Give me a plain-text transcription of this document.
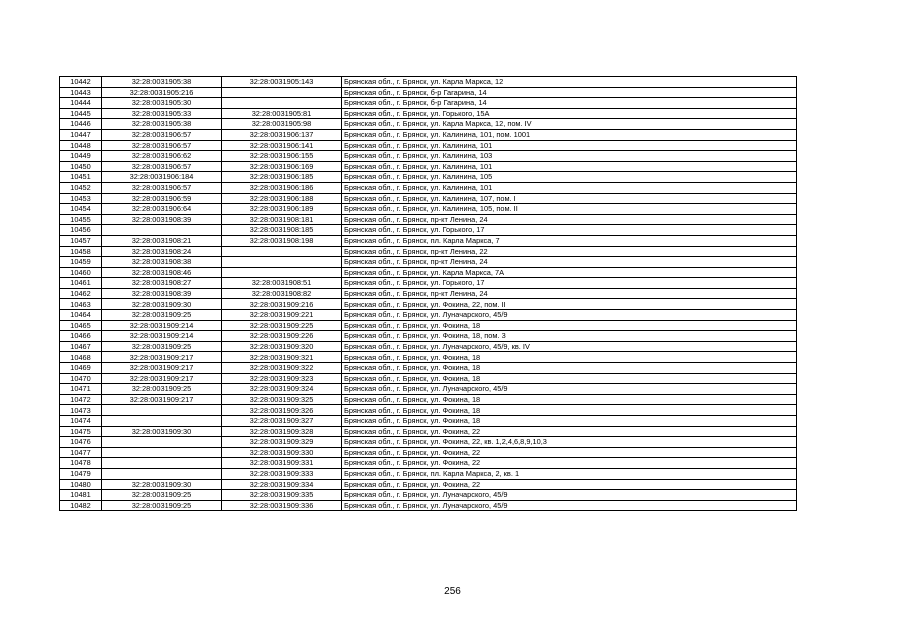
10442	32:28:0031905:38	32:28:0031905:143	Брянская обл., г. Брянск, ул. Карла Маркса, 12
10443	32:28:0031905:216		Брянская обл., г. Брянск, б-р Гагарина, 14
10444	32:28:0031905:30		Брянская обл., г. Брянск, б-р Гагарина, 14
10445	32:28:0031905:33	32:28:0031905:81	Брянская обл., г. Брянск, ул. Горького, 15А
10446	32:28:0031905:38	32:28:0031905:98	Брянская обл., г. Брянск, ул. Карла Маркса, 12, пом. IV
10447	32:28:0031906:57	32:28:0031906:137	Брянская обл., г. Брянск, ул. Калинина, 101, пом. 1001
10448	32:28:0031906:57	32:28:0031906:141	Брянская обл., г. Брянск, ул. Калинина, 101
10449	32:28:0031906:62	32:28:0031906:155	Брянская обл., г. Брянск, ул. Калинина, 103
10450	32:28:0031906:57	32:28:0031906:169	Брянская обл., г. Брянск, ул. Калинина, 101
10451	32:28:0031906:184	32:28:0031906:185	Брянская обл., г. Брянск, ул. Калинина, 105
10452	32:28:0031906:57	32:28:0031906:186	Брянская обл., г. Брянск, ул. Калинина, 101
10453	32:28:0031906:59	32:28:0031906:188	Брянская обл., г. Брянск, ул. Калинина, 107, пом. I
10454	32:28:0031906:64	32:28:0031906:189	Брянская обл., г. Брянск, ул. Калинина, 105, пом. II
10455	32:28:0031908:39	32:28:0031908:181	Брянская обл., г. Брянск, пр-кт Ленина, 24
10456		32:28:0031908:185	Брянская обл., г. Брянск, ул. Горького, 17
10457	32:28:0031908:21	32:28:0031908:198	Брянская обл., г. Брянск, пл. Карла Маркса, 7
10458	32:28:0031908:24		Брянская обл., г. Брянск, пр-кт Ленина, 22
10459	32:28:0031908:38		Брянская обл., г. Брянск, пр-кт Ленина, 24
10460	32:28:0031908:46		Брянская обл., г. Брянск, ул. Карла Маркса, 7А
10461	32:28:0031908:27	32:28:0031908:51	Брянская обл., г. Брянск, ул. Горького, 17
10462	32:28:0031908:39	32:28:0031908:82	Брянская обл., г. Брянск, пр-кт Ленина, 24
10463	32:28:0031909:30	32:28:0031909:216	Брянская обл., г. Брянск, ул. Фокина, 22, пом. II
10464	32:28:0031909:25	32:28:0031909:221	Брянская обл., г. Брянск, ул. Луначарского, 45/9
10465	32:28:0031909:214	32:28:0031909:225	Брянская обл., г. Брянск, ул. Фокина, 18
10466	32:28:0031909:214	32:28:0031909:226	Брянская обл., г. Брянск, ул. Фокина, 18, пом. 3
10467	32:28:0031909:25	32:28:0031909:320	Брянская обл., г. Брянск, ул. Луначарского, 45/9, кв. IV
10468	32:28:0031909:217	32:28:0031909:321	Брянская обл., г. Брянск, ул. Фокина, 18
10469	32:28:0031909:217	32:28:0031909:322	Брянская обл., г. Брянск, ул. Фокина, 18
10470	32:28:0031909:217	32:28:0031909:323	Брянская обл., г. Брянск, ул. Фокина, 18
10471	32:28:0031909:25	32:28:0031909:324	Брянская обл., г. Брянск, ул. Луначарского, 45/9
10472	32:28:0031909:217	32:28:0031909:325	Брянская обл., г. Брянск, ул. Фокина, 18
10473		32:28:0031909:326	Брянская обл., г. Брянск, ул. Фокина, 18
10474		32:28:0031909:327	Брянская обл., г. Брянск, ул. Фокина, 18
10475	32:28:0031909:30	32:28:0031909:328	Брянская обл., г. Брянск, ул. Фокина, 22
10476		32:28:0031909:329	Брянская обл., г. Брянск, ул. Фокина, 22, кв. 1,2,4,6,8,9,10,3
10477		32:28:0031909:330	Брянская обл., г. Брянск, ул. Фокина, 22
10478		32:28:0031909:331	Брянская обл., г. Брянск, ул. Фокина, 22
10479		32:28:0031909:333	Брянская обл., г. Брянск, пл. Карла Маркса, 2, кв. 1
10480	32:28:0031909:30	32:28:0031909:334	Брянская обл., г. Брянск, ул. Фокина, 22
10481	32:28:0031909:25	32:28:0031909:335	Брянская обл., г. Брянск, ул. Луначарского, 45/9
10482	32:28:0031909:25	32:28:0031909:336	Брянская обл., г. Брянск, ул. Луначарского, 45/9
256
